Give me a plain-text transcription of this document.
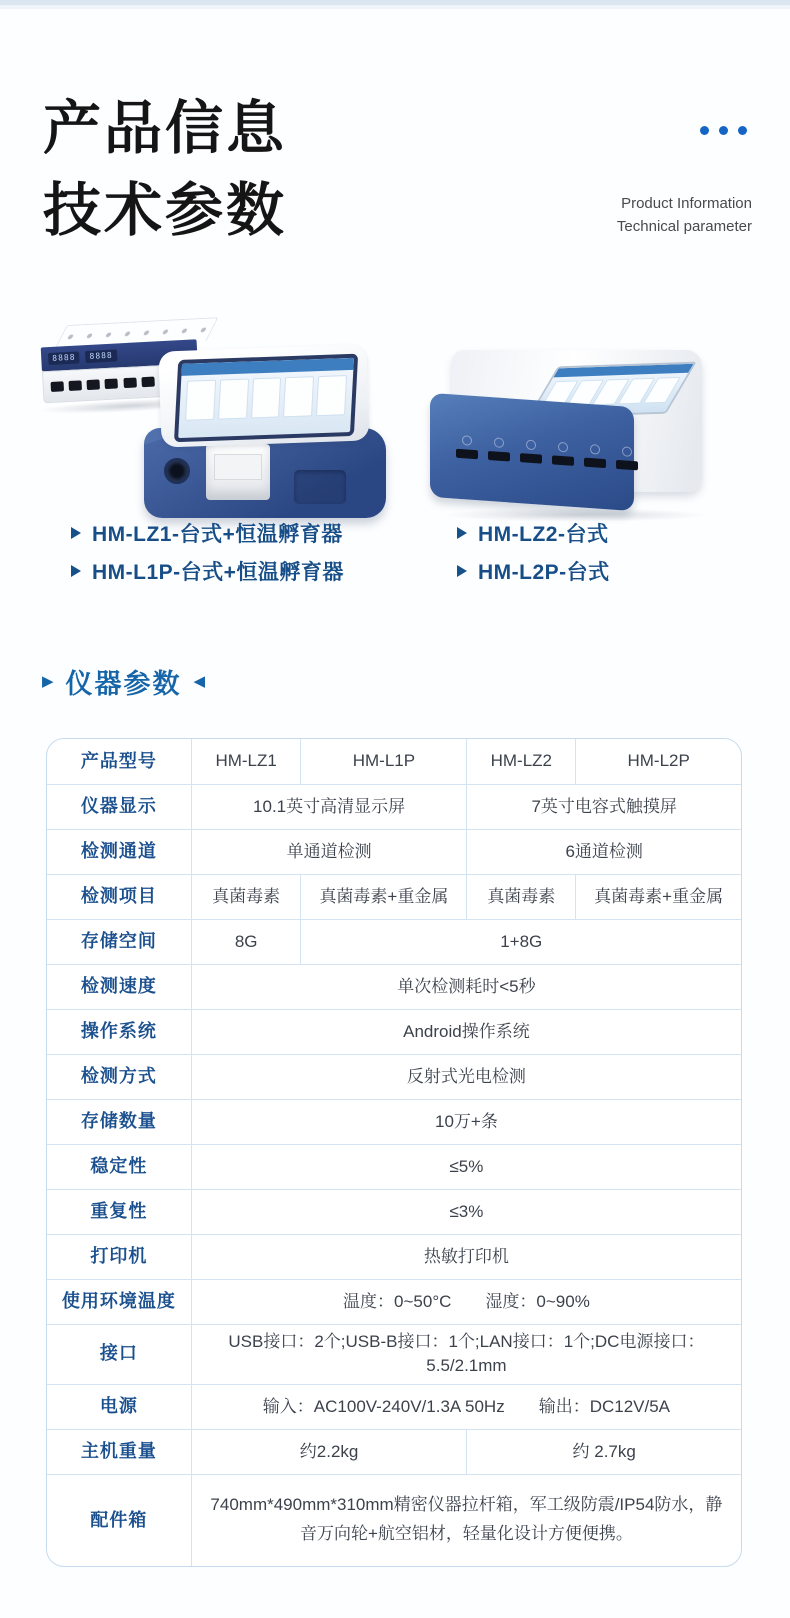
产品信息
技术参数	Product Information
Technical parameter
8888	8888
HM-LZ1-台式+恒温孵育器
HM-L1P-台式+恒温孵育器
HM-LZ2-台式
HM-L2P-台式
▶ 仪器参数 ◀
产品型号	HM-LZ1	HM-L1P	HM-LZ2	HM-L2P
仪器显示	10.1英寸高清显示屏		7英寸电容式触摸屏	
检测通道	单通道检测		6通道检测	
检测项目	真菌毒素	真菌毒素+重金属	真菌毒素	真菌毒素+重金属
存储空间	8G	1+8G		
检测速度	单次检测耗时<5秒			
操作系统	Android操作系统			
检测方式	反射式光电检测			
存储数量	10万+条			
稳定性	≤5%			
重复性	≤3%			
打印机	热敏打印机			
使用环境温度	温度：0~50°C　　湿度：0~90%			
接口	USB接口：2个;USB-B接口：1个;LAN接口：1个;DC电源接口：5.5/2.1mm			
电源	输入：AC100V-240V/1.3A 50Hz　　输出：DC12V/5A			
主机重量	约2.2kg		约 2.7kg	
配件箱	740mm*490mm*310mm精密仪器拉杆箱，军工级防震/IP54防水，静音万向轮+航空铝材，轻量化设计方便便携。			
